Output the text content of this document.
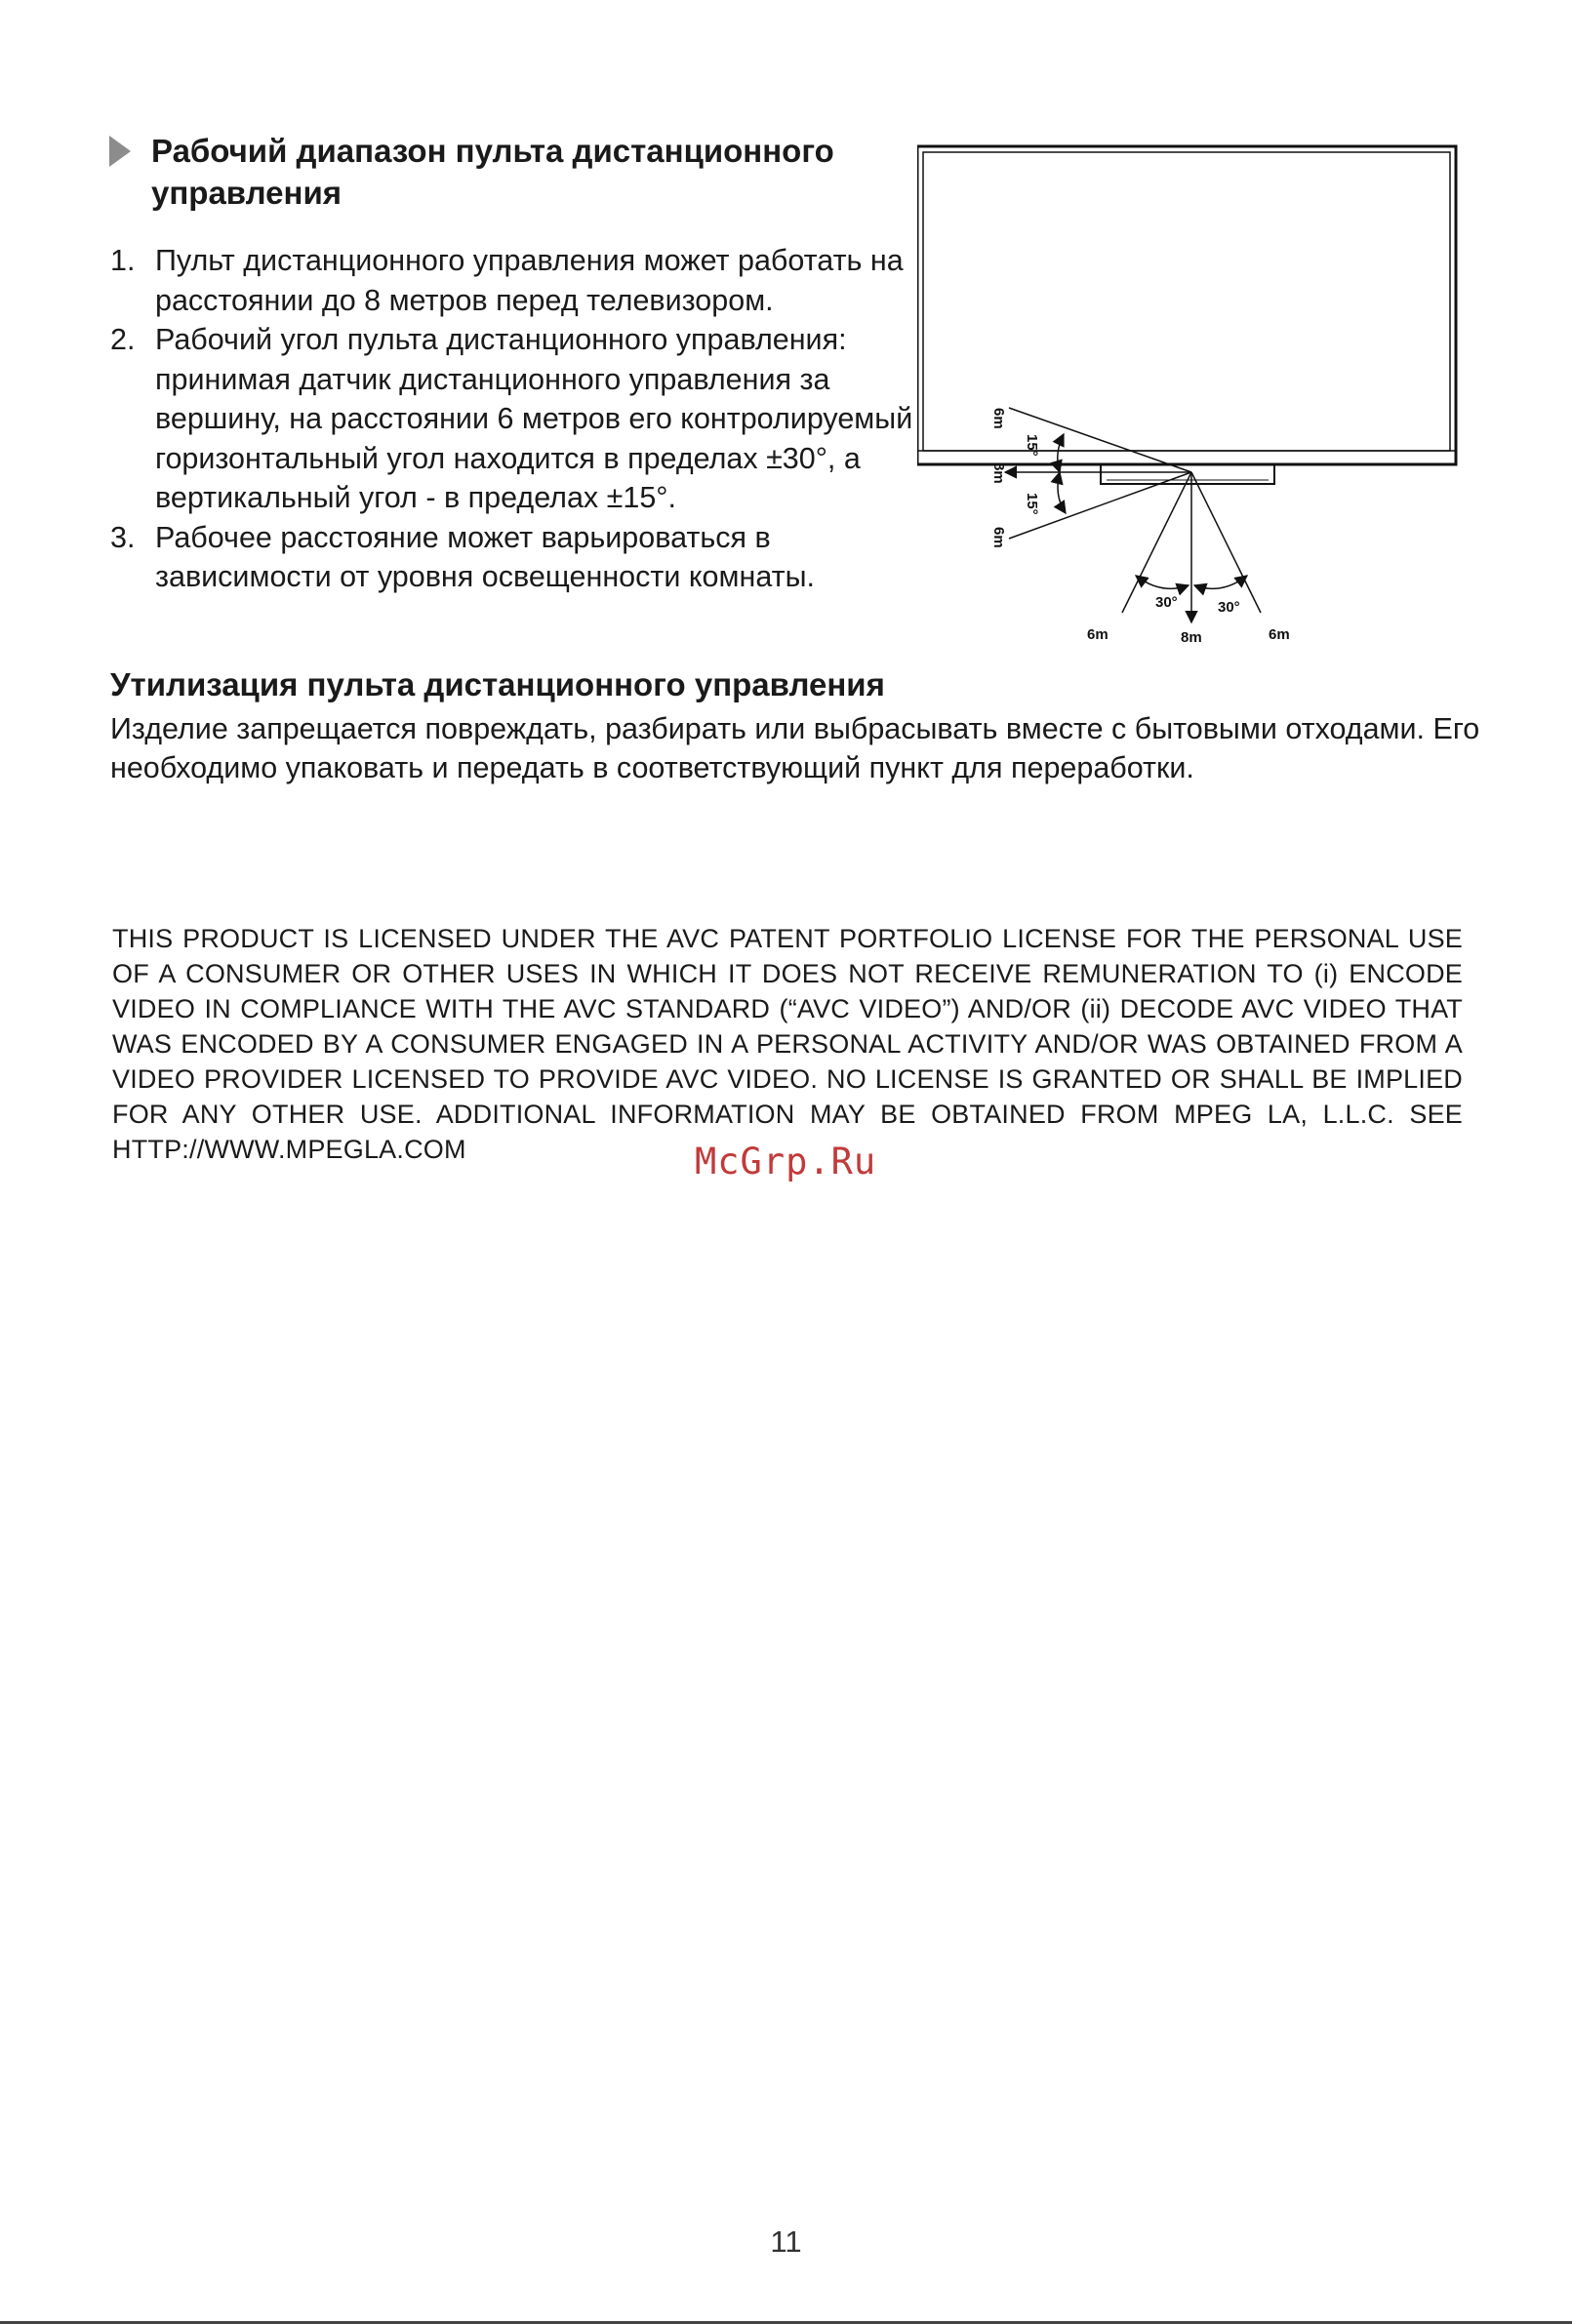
Рабочий диапазон пульта дистанционного управления
1. Пульт дистанционного управления может работать на расстоянии до 8 метров перед телевизором.
2. Рабочий угол пульта дистанционного управления: принимая датчик дистанционного управления за вершину, на расстоянии 6 метров его контролируемый горизонтальный угол находится в пределах ±30°, а вертикальный угол - в пределах ±15°.
3. Рабочее расстояние может варьироваться в зависимости от уровня освещенности комнаты.
6m
8m
6m
15°
15°
30°	30°
6m	8m	6m
Утилизация пульта дистанционного управления
Изделие запрещается повреждать, разбирать или выбрасывать вместе с бытовыми отходами. Его необходимо упаковать и передать в соответствующий пункт для переработки.
THIS PRODUCT IS LICENSED UNDER THE AVC PATENT PORTFOLIO LICENSE FOR THE PERSONAL USE OF A CONSUMER OR OTHER USES IN WHICH IT DOES NOT RECEIVE REMUNERATION TO (i) ENCODE VIDEO IN COMPLIANCE WITH THE AVC STANDARD (“AVC VIDEO”) AND/OR (ii) DECODE AVC VIDEO THAT WAS ENCODED BY A CONSUMER ENGAGED IN A PERSONAL ACTIVITY AND/OR WAS OBTAINED FROM A VIDEO PROVIDER LICENSED TO PROVIDE AVC VIDEO. NO LICENSE IS GRANTED OR SHALL BE IMPLIED FOR ANY OTHER USE. ADDITIONAL INFORMATION MAY BE OBTAINED FROM MPEG LA, L.L.C. SEE HTTP://WWW.MPEGLA.COM	McGrp.Ru
11
